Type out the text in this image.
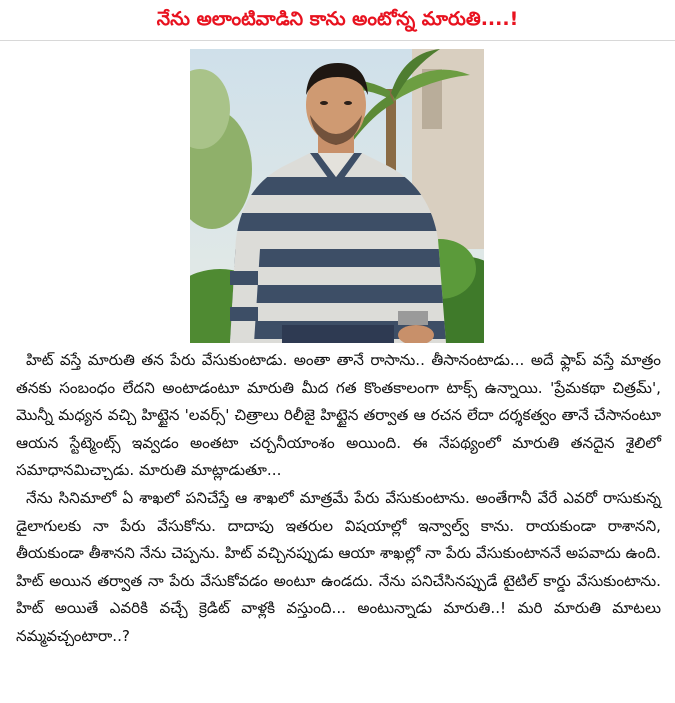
నేను అలాంటివాడిని కాను అంటోన్న మారుతి....!

హిట్ వస్తే మారుతి తన పేరు వేసుకుంటాడు. అంతా తానే రాసాను.. తీసానంటాడు... అదే ఫ్లాప్ వస్తే మాత్రం తనకు సంబంధం లేదని అంటాడంటూ మారుతి మీద గత కొంతకాలంగా టాక్స్ ఉన్నాయి. 'ప్రేమకథా చిత్రమ్', మొన్నీ మధ్యన వచ్చి హిట్టైన 'లవర్స్' చిత్రాలు రిలీజై హిట్టైన తర్వాత ఆ రచన లేదా దర్శకత్వం తానే చేసానంటూ ఆయన స్టేట్మెంట్స్ ఇవ్వడం అంతటా చర్చనీయాంశం అయింది. ఈ నేపథ్యంలో మారుతి తనదైన శైలిలో సమాధానమిచ్చాడు. మారుతి మాట్లాడుతూ...

నేను సినిమాలో ఏ శాఖలో పనిచేస్తే ఆ శాఖలో మాత్రమే పేరు వేసుకుంటాను. అంతేగానీ వేరే ఎవరో రాసుకున్న డైలాగులకు నా పేరు వేసుకోను. దాదాపు ఇతరుల విషయాల్లో ఇన్వాల్వ్ కాను. రాయకుండా రాశానని, తీయకుండా తీశానని నేను చెప్పను. హిట్ వచ్చినప్పుడు ఆయా శాఖల్లో నా పేరు వేసుకుంటాననే అపవాదు ఉంది. హిట్ అయిన తర్వాత నా పేరు వేసుకోవడం అంటూ ఉండదు. నేను పనిచేసినప్పుడే టైటిల్ కార్డు వేసుకుంటాను. హిట్ అయితే ఎవరికి వచ్చే క్రెడిట్ వాళ్లకి వస్తుంది... అంటున్నాడు మారుతి..! మరి మారుతి మాటలు నమ్మవచ్చంటారా..?
